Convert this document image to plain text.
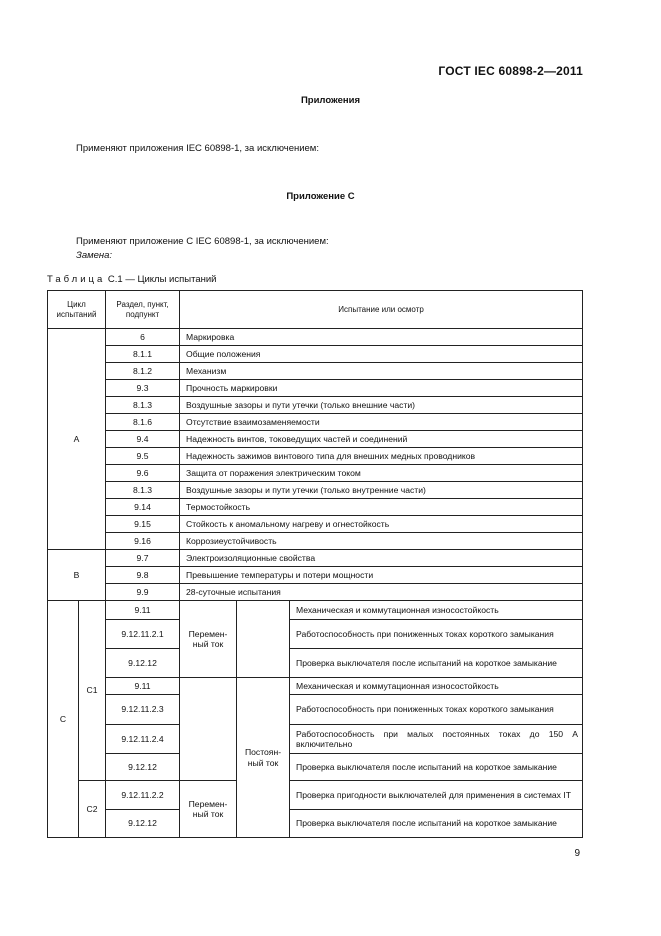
ГОСТ IEC 60898-2—2011
Приложения
Применяют приложения IEC 60898-1, за исключением:
Приложение C
Применяют приложение C IEC 60898-1, за исключением:
Замена:
Таблица C.1 — Циклы испытаний
Цикл испытаний		Раздел, пункт, подпункт	Испытание или осмотр		
A		6	Маркировка		
		8.1.1	Общие положения		
		8.1.2	Механизм		
		9.3	Прочность маркировки		
		8.1.3	Воздушные зазоры и пути утечки (только внешние части)		
		8.1.6	Отсутствие взаимозаменяемости		
		9.4	Надежность винтов, токоведущих частей и соединений		
		9.5	Надежность зажимов винтового типа для внешних медных проводников		
		9.6	Защита от поражения электрическим током		
		8.1.3	Воздушные зазоры и пути утечки (только внутренние части)		
		9.14	Термостойкость		
		9.15	Стойкость к аномальному нагреву и огнестойкость		
		9.16	Коррозиеустойчивость		
B		9.7	Электроизоляционные свойства		
		9.8	Превышение температуры и потери мощности		
		9.9	28-суточные испытания		
C	C1	9.11	Перемен-ный ток		Механическая и коммутационная износостойкость
		9.12.11.2.1			Работоспособность при пониженных токах короткого замыкания
		9.12.12			Проверка выключателя после испытаний на короткое замыкание
		9.11		Постоян-ный ток	Механическая и коммутационная износостойкость
		9.12.11.2.3			Работоспособность при пониженных токах короткого замыкания
		9.12.11.2.4			Работоспособность при малых постоянных токах до 150 А включительно
		9.12.12			Проверка выключателя после испытаний на короткое замыкание
	C2	9.12.11.2.2	Перемен-ный ток		Проверка пригодности выключателей для применения в системах IT
		9.12.12			Проверка выключателя после испытаний на короткое замыкание
9
